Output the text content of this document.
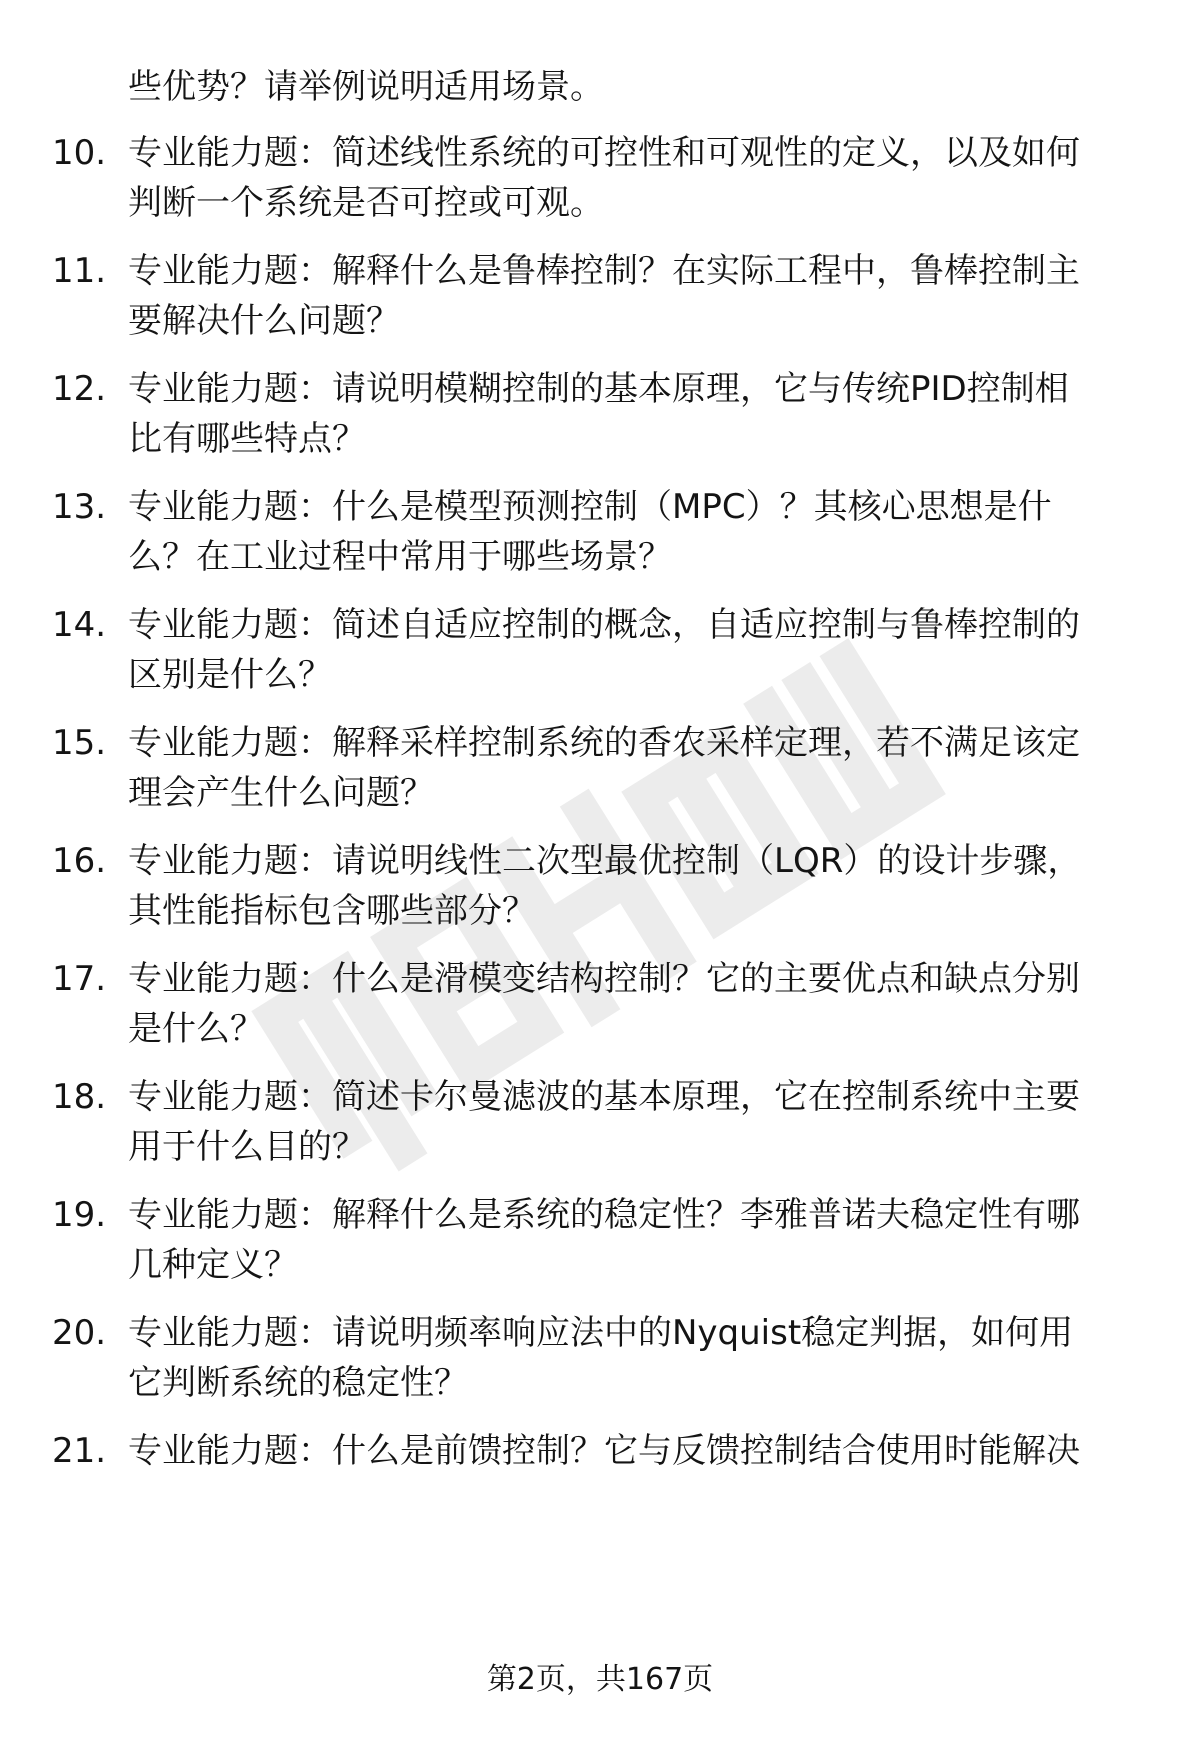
些优势？请举例说明适用场景。
10. 专业能力题：简述线性系统的可控性和可观性的定义，以及如何
判断一个系统是否可控或可观。
11. 专业能力题：解释什么是鲁棒控制？在实际工程中，鲁棒控制主
要解决什么问题？
12. 专业能力题：请说明模糊控制的基本原理，它与传统PID控制相
比有哪些特点？
13. 专业能力题：什么是模型预测控制（MPC）？其核心思想是什
么？在工业过程中常用于哪些场景？
14. 专业能力题：简述自适应控制的概念，自适应控制与鲁棒控制的
区别是什么？
15. 专业能力题：解释采样控制系统的香农采样定理，若不满足该定
理会产生什么问题？
16. 专业能力题：请说明线性二次型最优控制（LQR）的设计步骤，
其性能指标包含哪些部分？
17. 专业能力题：什么是滑模变结构控制？它的主要优点和缺点分别
是什么？
18. 专业能力题：简述卡尔曼滤波的基本原理，它在控制系统中主要
用于什么目的？
19. 专业能力题：解释什么是系统的稳定性？李雅普诺夫稳定性有哪
几种定义？
20. 专业能力题：请说明频率响应法中的Nyquist稳定判据，如何用
它判断系统的稳定性？
21. 专业能力题：什么是前馈控制？它与反馈控制结合使用时能解决
第2页，共167页
